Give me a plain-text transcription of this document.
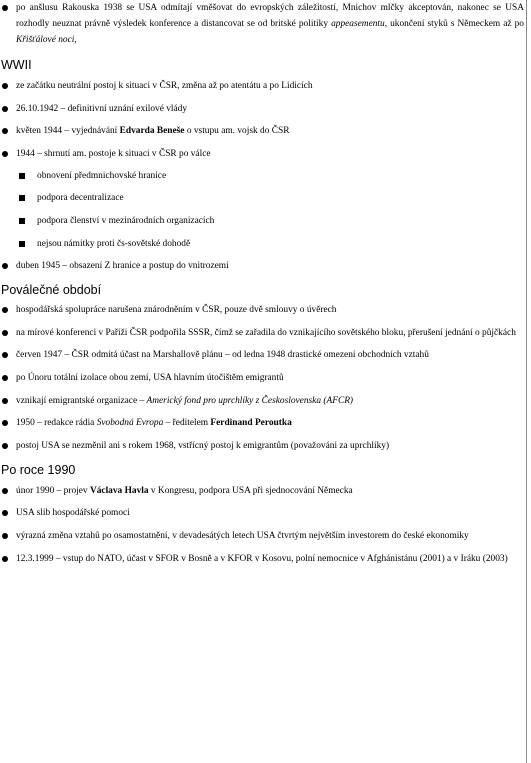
po anšlusu Rakouska 1938 se USA odmítají vměšovat do evropských záležitostí, Mnichov mlčky akceptován, nakonec se USA rozhodly neuznat právně výsledek konference a distancovat se od britské politiky appeasementu, ukončení styků s Německem až po Křišťálové noci,
WWII
ze začátku neutrální postoj k situaci v ČSR, změna až po atentátu a po Lidicích
26.10.1942 – definitivní uznání exilové vlády
květen 1944 – vyjednávání Edvarda Beneše o vstupu am. vojsk do ČSR
1944 – shrnutí am. postoje k situaci v ČSR po válce
obnovení předmnichovské hranice
podpora decentralizace
podpora členství v mezinárodních organizacích
nejsou námitky proti čs-sovětské dohodě
duben 1945 – obsazení Z hranice a postup do vnitrozemí
Poválečné období
hospodářská spolupráce narušena znárodněním v ČSR, pouze dvě smlouvy o úvěrech
na mírové konferenci v Paříži ČSR podpořila SSSR, čímž se zařadila do vznikajícího sovětského bloku, přerušení jednání o půjčkách
červen 1947 – ČSR odmítá účast na Marshallově plánu – od ledna 1948 drastické omezení obchodních vztahů
po Únoru totální izolace obou zemí, USA hlavním útočištěm emigrantů
vznikají emigrantské organizace – Americký fond pro uprchlíky z Československa (AFCR)
1950 – redakce rádia Svobodná Evropa – ředitelem Ferdinand Peroutka
postoj USA se nezměnil ani s rokem 1968, vstřícný postoj k emigrantům (považováni za uprchlíky)
Po roce 1990
únor 1990 – projev Václava Havla v Kongresu, podpora USA při sjednocování Německa
USA slib hospodářské pomoci
výrazná změna vztahů po osamostatnění, v devadesátých letech USA čtvrtým největším investorem do české ekonomiky
12.3.1999 – vstup do NATO, účast v SFOR v Bosně a v KFOR v Kosovu, polní nemocnice v Afghánistánu (2001) a v Iráku (2003)
